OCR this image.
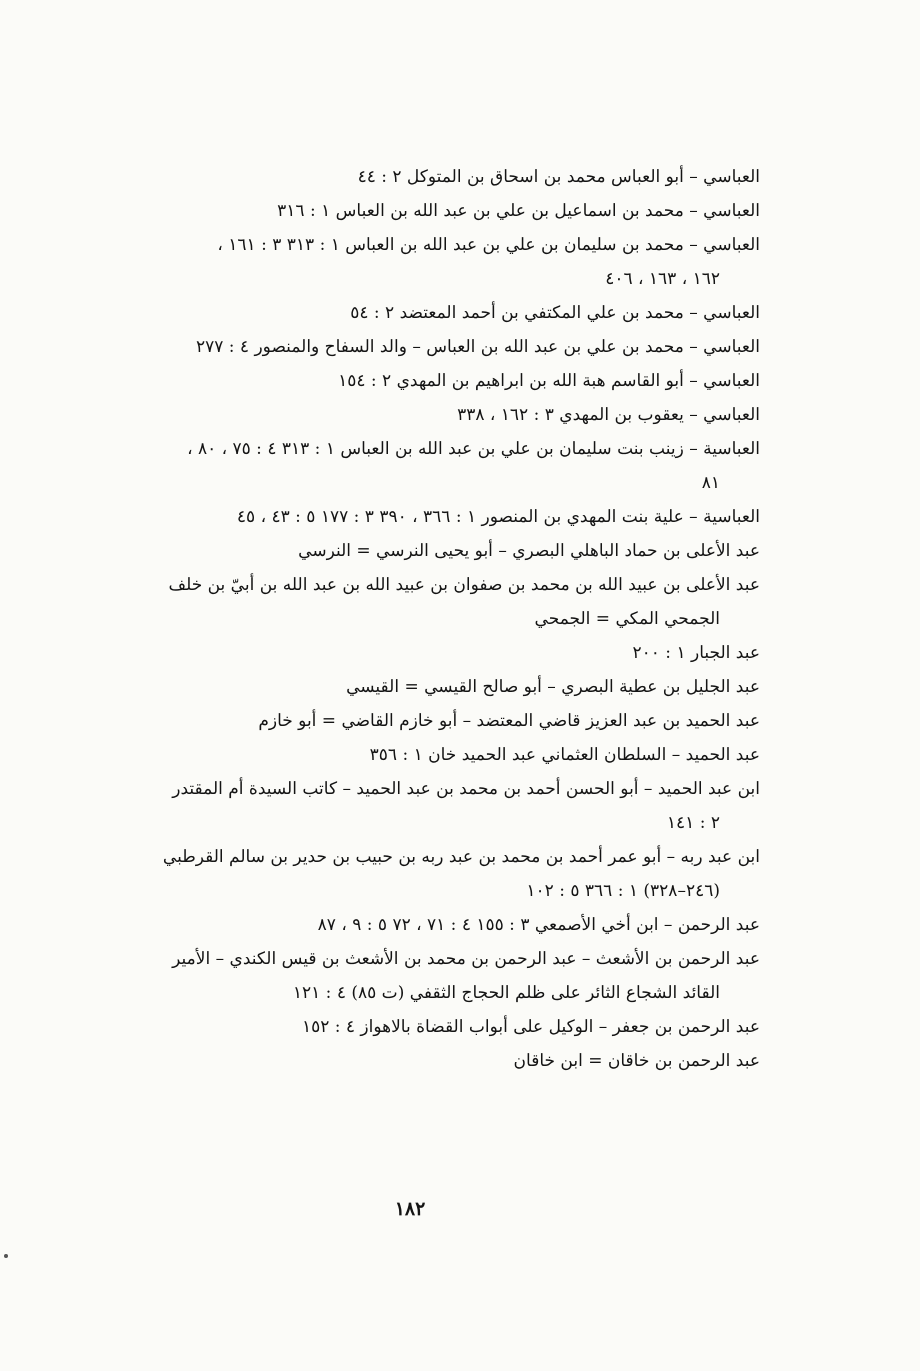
العباسي – أبو العباس محمد بن اسحاق بن المتوكل ٢ : ٤٤
العباسي – محمد بن اسماعيل بن علي بن عبد الله بن العباس ١ : ٣١٦
العباسي – محمد بن سليمان بن علي بن عبد الله بن العباس ١ : ٣١٣ ٣ : ١٦١ ،
١٦٢ ، ١٦٣ ، ٤٠٦
العباسي – محمد بن علي المكتفي بن أحمد المعتضد ٢ : ٥٤
العباسي – محمد بن علي بن عبد الله بن العباس – والد السفاح والمنصور ٤ : ٢٧٧
العباسي – أبو القاسم هبة الله بن ابراهيم بن المهدي ٢ : ١٥٤
العباسي – يعقوب بن المهدي ٣ : ١٦٢ ، ٣٣٨
العباسية – زينب بنت سليمان بن علي بن عبد الله بن العباس ١ : ٣١٣ ٤ : ٧٥ ، ٨٠ ،
٨١
العباسية – علية بنت المهدي بن المنصور ١ : ٣٦٦ ، ٣٩٠ ٣ : ١٧٧ ٥ : ٤٣ ، ٤٥
عبد الأعلى بن حماد الباهلي البصري – أبو يحيى النرسي = النرسي
عبد الأعلى بن عبيد الله بن محمد بن صفوان بن عبيد الله بن عبد الله بن أبيّ بن خلف
الجمحي المكي = الجمحي
عبد الجبار ١ : ٢٠٠
عبد الجليل بن عطية البصري – أبو صالح القيسي = القيسي
عبد الحميد بن عبد العزيز قاضي المعتضد – أبو خازم القاضي = أبو خازم
عبد الحميد – السلطان العثماني عبد الحميد خان ١ : ٣٥٦
ابن عبد الحميد – أبو الحسن أحمد بن محمد بن عبد الحميد – كاتب السيدة أم المقتدر
٢ : ١٤١
ابن عبد ربه – أبو عمر أحمد بن محمد بن عبد ربه بن حبيب بن حدير بن سالم القرطبي
(٢٤٦–٣٢٨) ١ : ٣٦٦ ٥ : ١٠٢
عبد الرحمن – ابن أخي الأصمعي ٣ : ١٥٥ ٤ : ٧١ ، ٧٢ ٥ : ٩ ، ٨٧
عبد الرحمن بن الأشعث – عبد الرحمن بن محمد بن الأشعث بن قيس الكندي – الأمير
القائد الشجاع الثائر على ظلم الحجاج الثقفي (ت ٨٥) ٤ : ١٢١
عبد الرحمن بن جعفر – الوكيل على أبواب القضاة بالاهواز ٤ : ١٥٢
عبد الرحمن بن خاقان = ابن خاقان
١٨٢
